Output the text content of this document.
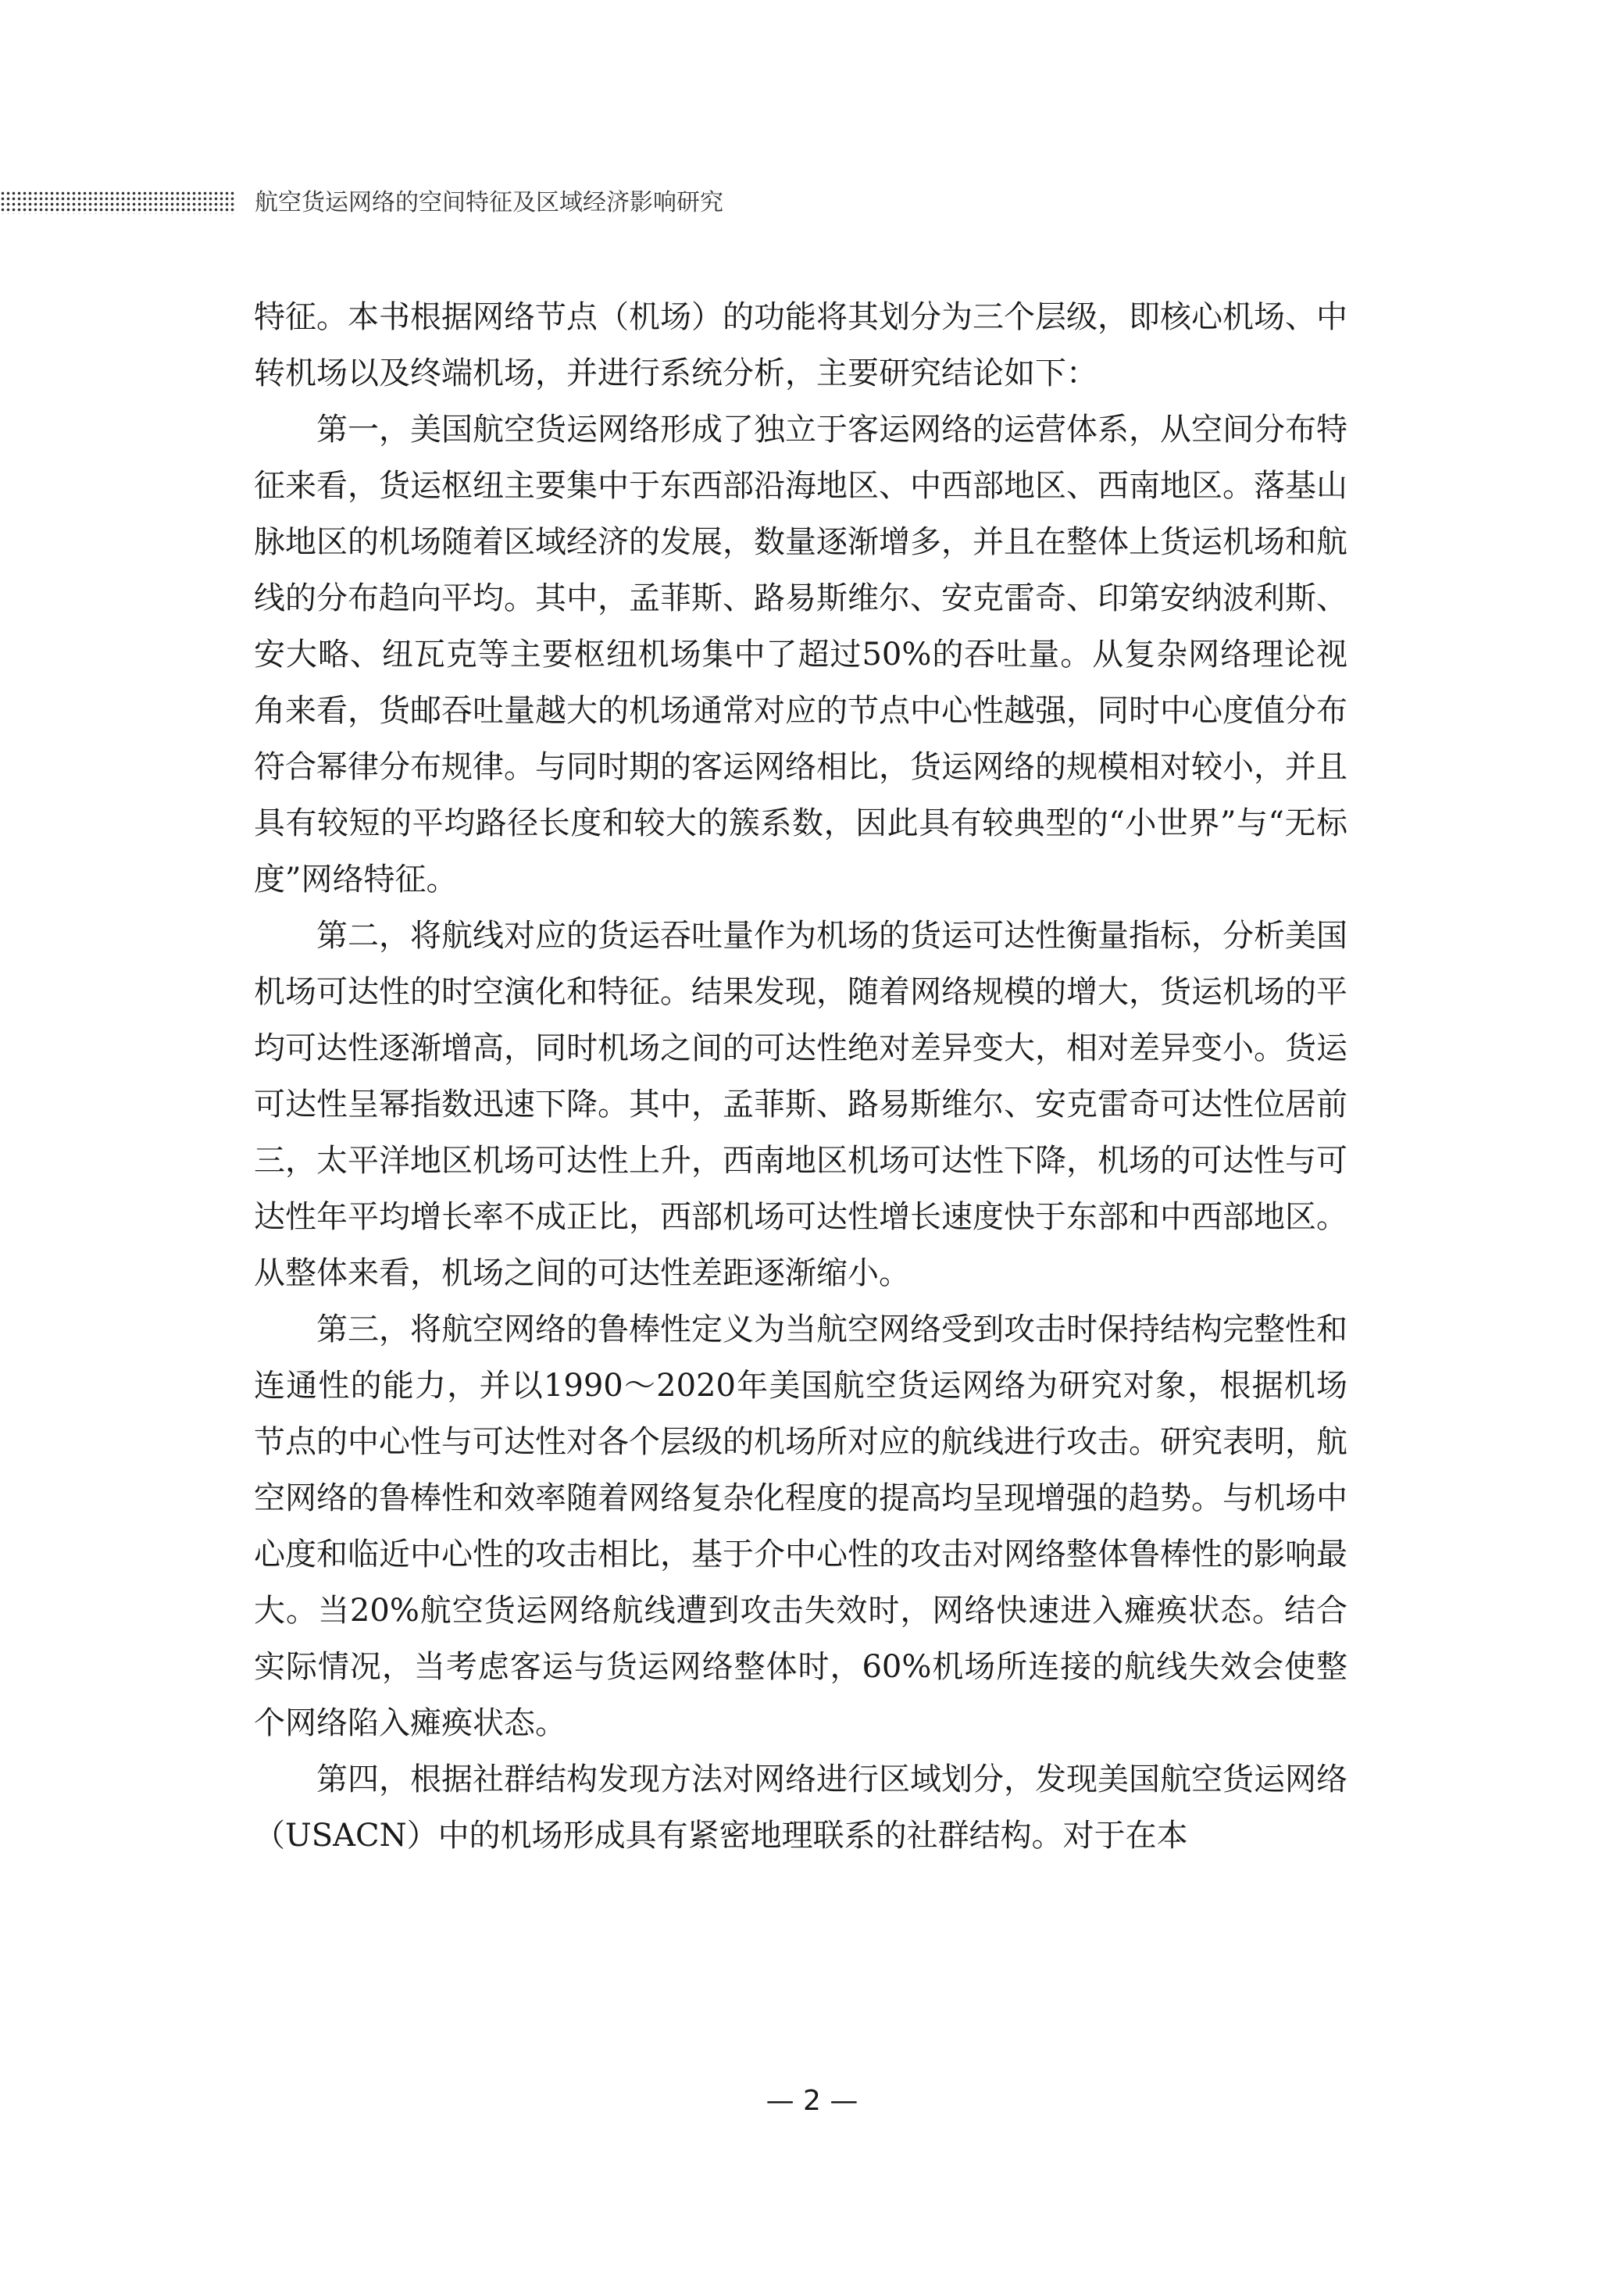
航空货运网络的空间特征及区域经济影响研究

特征。本书根据网络节点（机场）的功能将其划分为三个层级，即核心机场、中转机场以及终端机场，并进行系统分析，主要研究结论如下：

第一，美国航空货运网络形成了独立于客运网络的运营体系，从空间分布特征来看，货运枢纽主要集中于东西部沿海地区、中西部地区、西南地区。落基山脉地区的机场随着区域经济的发展，数量逐渐增多，并且在整体上货运机场和航线的分布趋向平均。其中，孟菲斯、路易斯维尔、安克雷奇、印第安纳波利斯、安大略、纽瓦克等主要枢纽机场集中了超过50%的吞吐量。从复杂网络理论视角来看，货邮吞吐量越大的机场通常对应的节点中心性越强，同时中心度值分布符合幂律分布规律。与同时期的客运网络相比，货运网络的规模相对较小，并且具有较短的平均路径长度和较大的簇系数，因此具有较典型的“小世界”与“无标度”网络特征。

第二，将航线对应的货运吞吐量作为机场的货运可达性衡量指标，分析美国机场可达性的时空演化和特征。结果发现，随着网络规模的增大，货运机场的平均可达性逐渐增高，同时机场之间的可达性绝对差异变大，相对差异变小。货运可达性呈幂指数迅速下降。其中，孟菲斯、路易斯维尔、安克雷奇可达性位居前三，太平洋地区机场可达性上升，西南地区机场可达性下降，机场的可达性与可达性年平均增长率不成正比，西部机场可达性增长速度快于东部和中西部地区。从整体来看，机场之间的可达性差距逐渐缩小。

第三，将航空网络的鲁棒性定义为当航空网络受到攻击时保持结构完整性和连通性的能力，并以1990～2020年美国航空货运网络为研究对象，根据机场节点的中心性与可达性对各个层级的机场所对应的航线进行攻击。研究表明，航空网络的鲁棒性和效率随着网络复杂化程度的提高均呈现增强的趋势。与机场中心度和临近中心性的攻击相比，基于介中心性的攻击对网络整体鲁棒性的影响最大。当20%航空货运网络航线遭到攻击失效时，网络快速进入瘫痪状态。结合实际情况，当考虑客运与货运网络整体时，60%机场所连接的航线失效会使整个网络陷入瘫痪状态。

第四，根据社群结构发现方法对网络进行区域划分，发现美国航空货运网络（USACN）中的机场形成具有紧密地理联系的社群结构。对于在本

— 2 —
